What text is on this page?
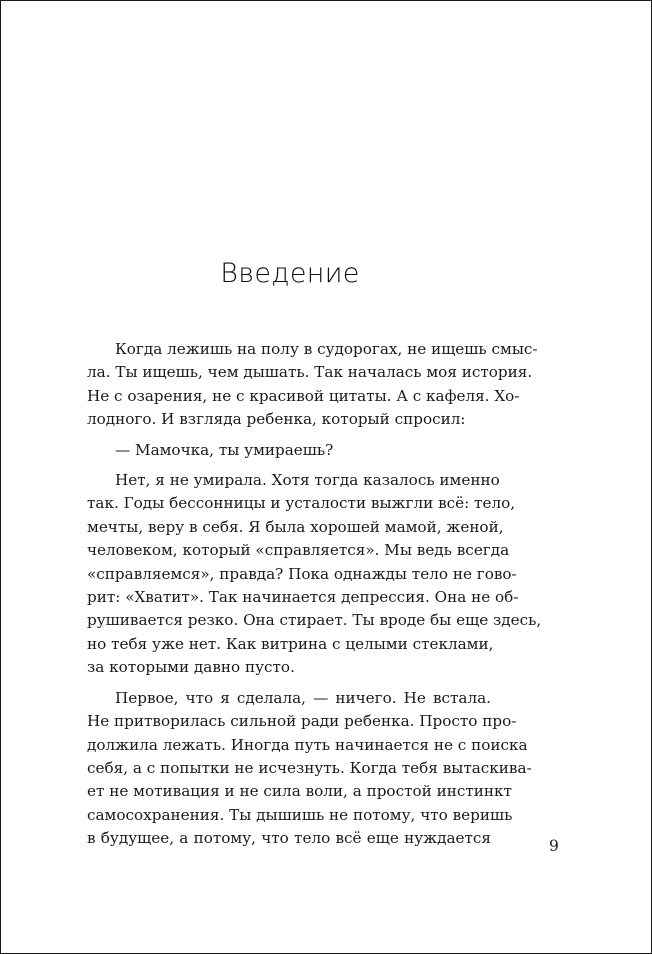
Введение
Когда лежишь на полу в судорогах, не ищешь смыс-
ла. Ты ищешь, чем дышать. Так началась моя история.
Не с озарения, не с красивой цитаты. А с кафеля. Хо-
лодного. И взгляда ребенка, который спросил:
— Мамочка, ты умираешь?
Нет, я не умирала. Хотя тогда казалось именно
так. Годы бессонницы и усталости выжгли всё: тело,
мечты, веру в себя. Я была хорошей мамой, женой,
человеком, который «справляется». Мы ведь всегда
«справляемся», правда? Пока однажды тело не гово-
рит: «Хватит». Так начинается депрессия. Она не об-
рушивается резко. Она стирает. Ты вроде бы еще здесь,
но тебя уже нет. Как витрина с целыми стеклами,
за которыми давно пусто.
Первое, что я сделала, — ничего. Не встала.
Не притворилась сильной ради ребенка. Просто про-
должила лежать. Иногда путь начинается не с поиска
себя, а с попытки не исчезнуть. Когда тебя вытаскива-
ет не мотивация и не сила воли, а простой инстинкт
самосохранения. Ты дышишь не потому, что веришь
в будущее, а потому, что тело всё еще нуждается	9
